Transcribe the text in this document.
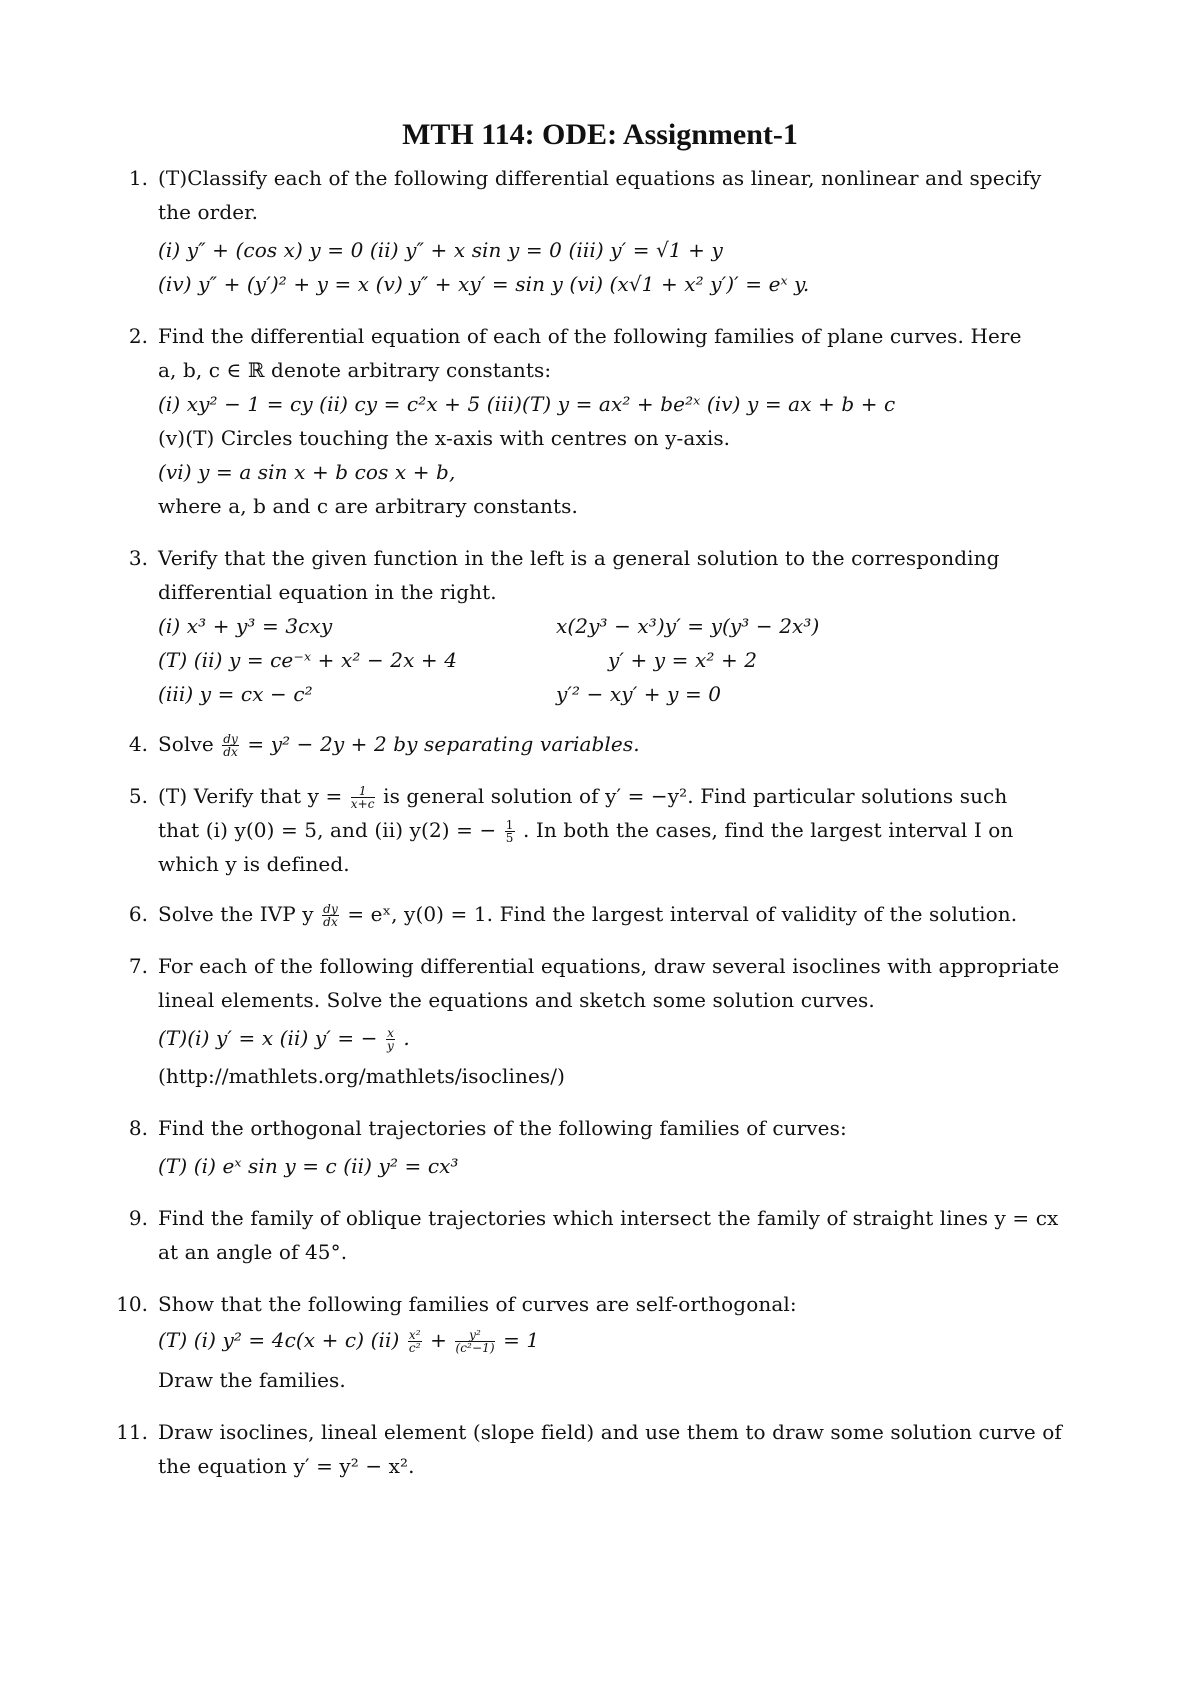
MTH 114: ODE: Assignment-1
1. (T)Classify each of the following differential equations as linear, nonlinear and specify
the order.
(i) y″ + (cos x) y = 0 (ii) y″ + x sin y = 0 (iii) y′ = √1 + y
(iv) y″ + (y′)² + y = x (v) y″ + xy′ = sin y (vi) (x√1 + x² y′)′ = eˣ y.
2. Find the differential equation of each of the following families of plane curves. Here
a, b, c ∈ ℝ denote arbitrary constants:
(i) xy² − 1 = cy (ii) cy = c²x + 5 (iii)(T) y = ax² + be²ˣ (iv) y = ax + b + c
(v)(T) Circles touching the x-axis with centres on y-axis.
(vi) y = a sin x + b cos x + b,
where a, b and c are arbitrary constants.
3. Verify that the given function in the left is a general solution to the corresponding
differential equation in the right.
(i) x³ + y³ = 3cxy	x(2y³ − x³)y′ = y(y³ − 2x³)
(T) (ii) y = ce⁻ˣ + x² − 2x + 4	y′ + y = x² + 2
(iii) y = cx − c²	y′² − xy′ + y = 0
4. Solve $\frac{dy}{dx} = y^2 - 2y + 2$ by separating variables.
5. (T) Verify that $y = \frac{1}{x+c}$ is general solution of y′ = −y². Find particular solutions such
that (i) y(0) = 5, and (ii) y(2) = − $\frac{1}{5}$ . In both the cases, find the largest interval I on
which y is defined.
6. Solve the IVP y $\frac{dy}{dx}$ = eˣ, y(0) = 1. Find the largest interval of validity of the solution.
7. For each of the following differential equations, draw several isoclines with appropriate
lineal elements. Solve the equations and sketch some solution curves.
(T)(i) y′ = x (ii) y′ = − $\frac{x}{y}$ .
(http://mathlets.org/mathlets/isoclines/)
8. Find the orthogonal trajectories of the following families of curves:
(T) (i) eˣ sin y = c (ii) y² = cx³
9. Find the family of oblique trajectories which intersect the family of straight lines y = cx
at an angle of 45°.
10. Show that the following families of curves are self-orthogonal:
(T) (i) y² = 4c(x + c) $(ii) \frac{\text{x²}}{\text{c²}} + \frac{\text{y²}}{\text{(c²−1)}} = 1$
Draw the families.
11. Draw isoclines, lineal element (slope field) and use them to draw some solution curve of
the equation y′ = y² − x².
